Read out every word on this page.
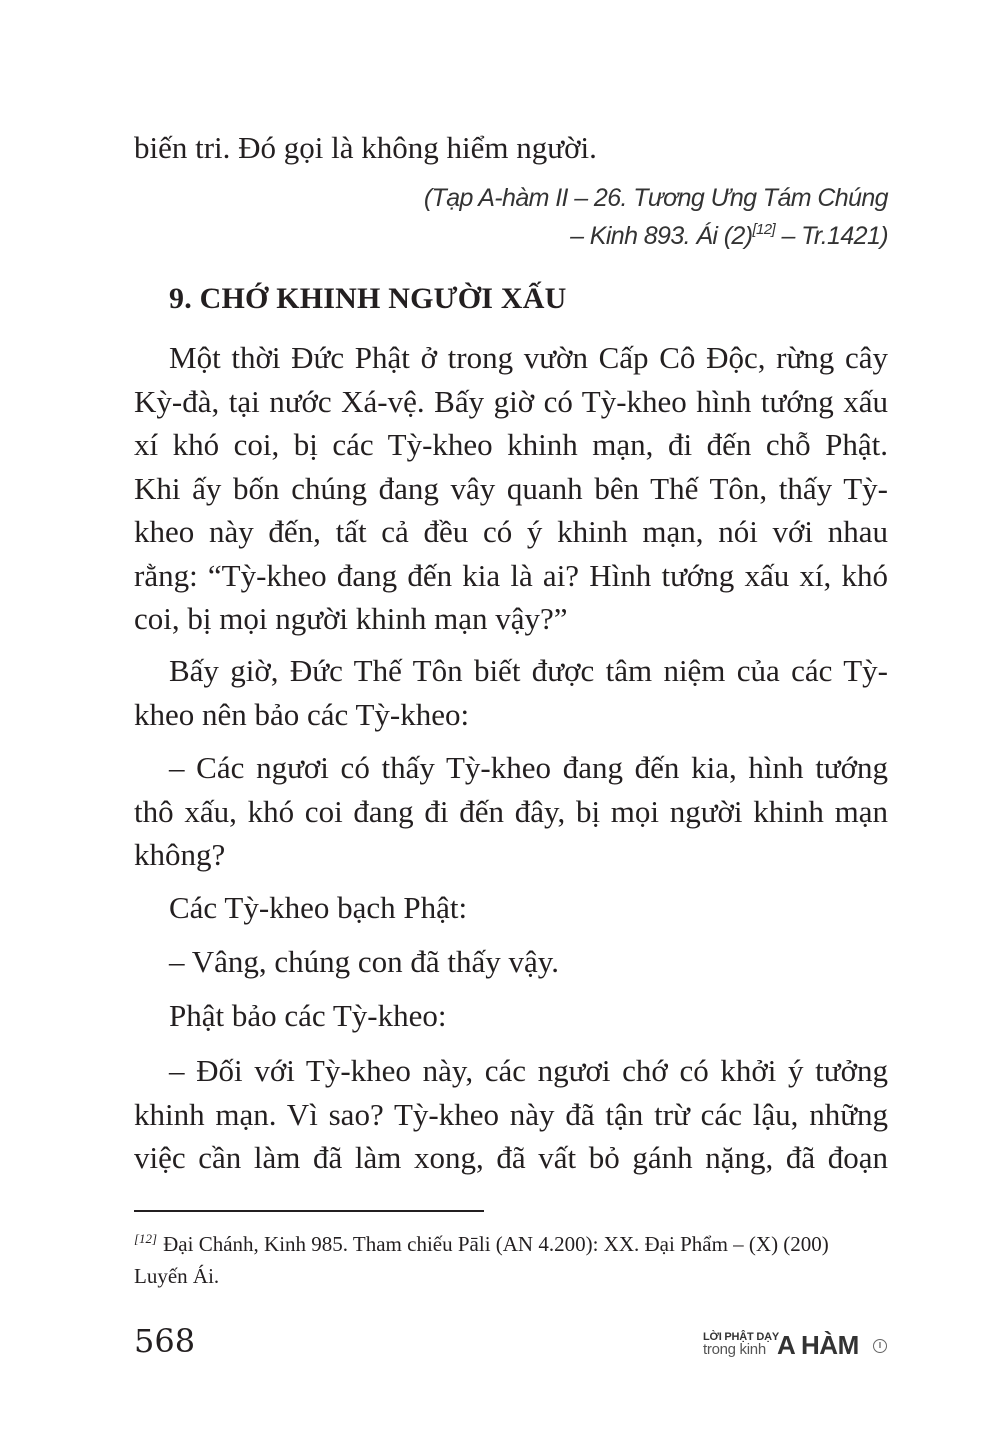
biến tri. Đó gọi là không hiểm người.
(Tạp A-hàm II – 26. Tương Ưng Tám Chúng
– Kinh 893. Ái (2)[12] – Tr.1421)
9. CHỚ KHINH NGƯỜI XẤU
Một thời Đức Phật ở trong vườn Cấp Cô Độc, rừng cây
Kỳ-đà, tại nước Xá-vệ. Bấy giờ có Tỳ-kheo hình tướng xấu
xí khó coi, bị các Tỳ-kheo khinh mạn, đi đến chỗ Phật.
Khi ấy bốn chúng đang vây quanh bên Thế Tôn, thấy Tỳ-
kheo này đến, tất cả đều có ý khinh mạn, nói với nhau
rằng: “Tỳ-kheo đang đến kia là ai? Hình tướng xấu xí, khó
coi, bị mọi người khinh mạn vậy?”
Bấy giờ, Đức Thế Tôn biết được tâm niệm của các Tỳ-
kheo nên bảo các Tỳ-kheo:
– Các ngươi có thấy Tỳ-kheo đang đến kia, hình tướng
thô xấu, khó coi đang đi đến đây, bị mọi người khinh mạn
không?
Các Tỳ-kheo bạch Phật:
– Vâng, chúng con đã thấy vậy.
Phật bảo các Tỳ-kheo:
– Đối với Tỳ-kheo này, các ngươi chớ có khởi ý tưởng
khinh mạn. Vì sao? Tỳ-kheo này đã tận trừ các lậu, những
việc cần làm đã làm xong, đã vất bỏ gánh nặng, đã đoạn
[12] Đại Chánh, Kinh 985. Tham chiếu Pāli (AN 4.200): XX. Đại Phẩm – (X) (200)
Luyến Ái.
568	LỜI PHẬT DẠY
trong kinh A HÀM	I
